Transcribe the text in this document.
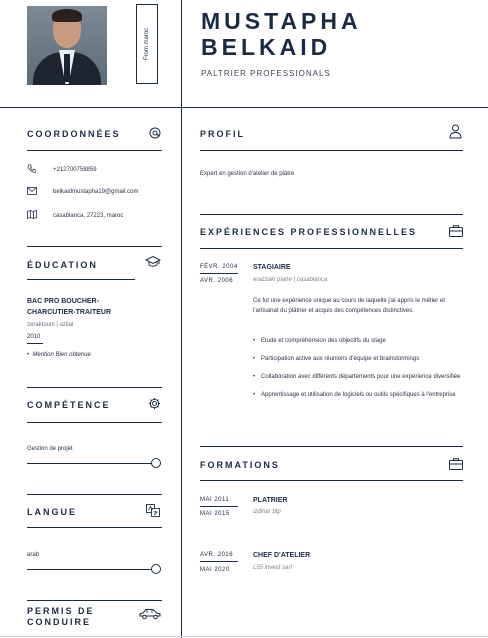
From maroc
MUSTAPHA
BELKAID
PALTRIER PROFESSIONALS
COORDONNÉES
+212700758859
belkaidmustapha19@gmail.com
casablanca, 27223, maroc
ÉDUCATION
BAC PRO BOUCHER-
CHARCUTIER-TRAITEUR
zeraktouni | azilal
2010
•  Mention Bien obtenue
COMPÉTENCE
Gestion de projet
LANGUE
arab
PERMIS DE
CONDUIRE
PROFIL
Expert en gestion d'atelier de plâtre
EXPÉRIENCES PROFESSIONNELLES
FÉVR. 2004
AVR. 2006
STAGIAIRE
erazzaki platre | casablanca
Ce fut une expérience unique au cours de laquelle j'ai appris le métier et l'artisanat du plâtrier et acquis des compétences distinctives.
• Etude et compréhension des objectifs du stage
• Participation active aux réunions d'équipe et brainstormings
• Collaboration avec différents départements pour une expérience diversifiée
• Apprentissage et utilisation de logiciels ou outils spécifiques à l'entreprise
FORMATIONS
MAI 2011
MAI 2015
PLATRIER
izdihar btp
AVR. 2016
MAI 2020
CHEF D'ATELIER
L55 invest sarl
